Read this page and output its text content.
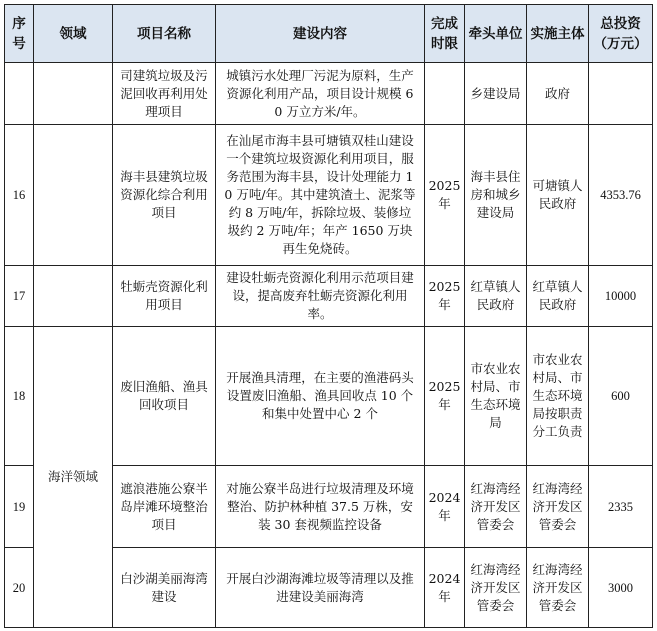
序号	领域	项目名称	建设内容	完成时限	牵头单位	实施主体	总投资（万元）
		司建筑垃圾及污泥回收再利用处理项目	城镇污水处理厂污泥为原料，生产资源化利用产品，项目设计规模 60 万立方米/年。		乡建设局	政府	
16		海丰县建筑垃圾资源化综合利用项目	在汕尾市海丰县可塘镇双桂山建设一个建筑垃圾资源化利用项目，服务范围为海丰县，设计处理能力 10 万吨/年。其中建筑渣土、泥浆等约 8 万吨/年，拆除垃圾、装修垃圾约 2 万吨/年；年产 1650 万块再生免烧砖。	2025年	海丰县住房和城乡建设局	可塘镇人民政府	4353.76
17		牡蛎壳资源化利用项目	建设牡蛎壳资源化利用示范项目建设，提高废弃牡蛎壳资源化利用率。	2025年	红草镇人民政府	红草镇人民政府	10000
18	海洋领域	废旧渔船、渔具回收项目	开展渔具清理，在主要的渔港码头设置废旧渔船、渔具回收点 10 个和集中处置中心 2 个	2025年	市农业农村局、市生态环境局	市农业农村局、市生态环境局按职责分工负责	600
19		遮浪港施公寮半岛岸滩环境整治项目	对施公寮半岛进行垃圾清理及环境整治、防护林种植 37.5 万株，安装 30 套视频监控设备	2024年	红海湾经济开发区管委会	红海湾经济开发区管委会	2335
20		白沙湖美丽海湾建设	开展白沙湖海滩垃圾等清理以及推进建设美丽海湾	2024年	红海湾经济开发区管委会	红海湾经济开发区管委会	3000
